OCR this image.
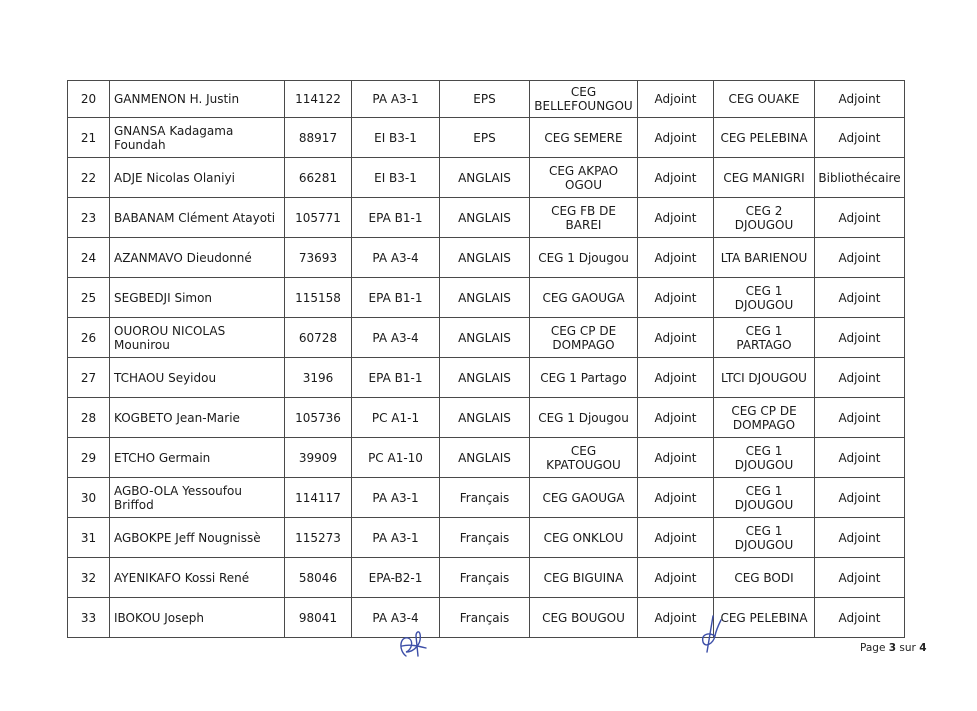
20	GANMENON H. Justin	114122	PA A3-1	EPS	CEG BELLEFOUNGOU	Adjoint	CEG OUAKE	Adjoint
21	GNANSA Kadagama Foundah	88917	EI B3-1	EPS	CEG SEMERE	Adjoint	CEG PELEBINA	Adjoint
22	ADJE Nicolas Olaniyi	66281	EI B3-1	ANGLAIS	CEG AKPAO OGOU	Adjoint	CEG MANIGRI	Bibliothécaire
23	BABANAM Clément Atayoti	105771	EPA B1-1	ANGLAIS	CEG FB DE BAREI	Adjoint	CEG 2 DJOUGOU	Adjoint
24	AZANMAVO Dieudonné	73693	PA A3-4	ANGLAIS	CEG 1 Djougou	Adjoint	LTA BARIENOU	Adjoint
25	SEGBEDJI Simon	115158	EPA B1-1	ANGLAIS	CEG GAOUGA	Adjoint	CEG 1 DJOUGOU	Adjoint
26	OUOROU NICOLAS Mounirou	60728	PA A3-4	ANGLAIS	CEG CP DE DOMPAGO	Adjoint	CEG 1 PARTAGO	Adjoint
27	TCHAOU Seyidou	3196	EPA B1-1	ANGLAIS	CEG 1 Partago	Adjoint	LTCI DJOUGOU	Adjoint
28	KOGBETO Jean-Marie	105736	PC A1-1	ANGLAIS	CEG 1 Djougou	Adjoint	CEG CP DE DOMPAGO	Adjoint
29	ETCHO Germain	39909	PC A1-10	ANGLAIS	CEG KPATOUGOU	Adjoint	CEG 1 DJOUGOU	Adjoint
30	AGBO-OLA Yessoufou Briffod	114117	PA A3-1	Français	CEG GAOUGA	Adjoint	CEG 1 DJOUGOU	Adjoint
31	AGBOKPE Jeff Nougnissè	115273	PA A3-1	Français	CEG ONKLOU	Adjoint	CEG 1 DJOUGOU	Adjoint
32	AYENIKAFO Kossi René	58046	EPA-B2-1	Français	CEG BIGUINA	Adjoint	CEG BODI	Adjoint
33	IBOKOU Joseph	98041	PA A3-4	Français	CEG BOUGOU	Adjoint	CEG PELEBINA	Adjoint
Page 3 sur 4
